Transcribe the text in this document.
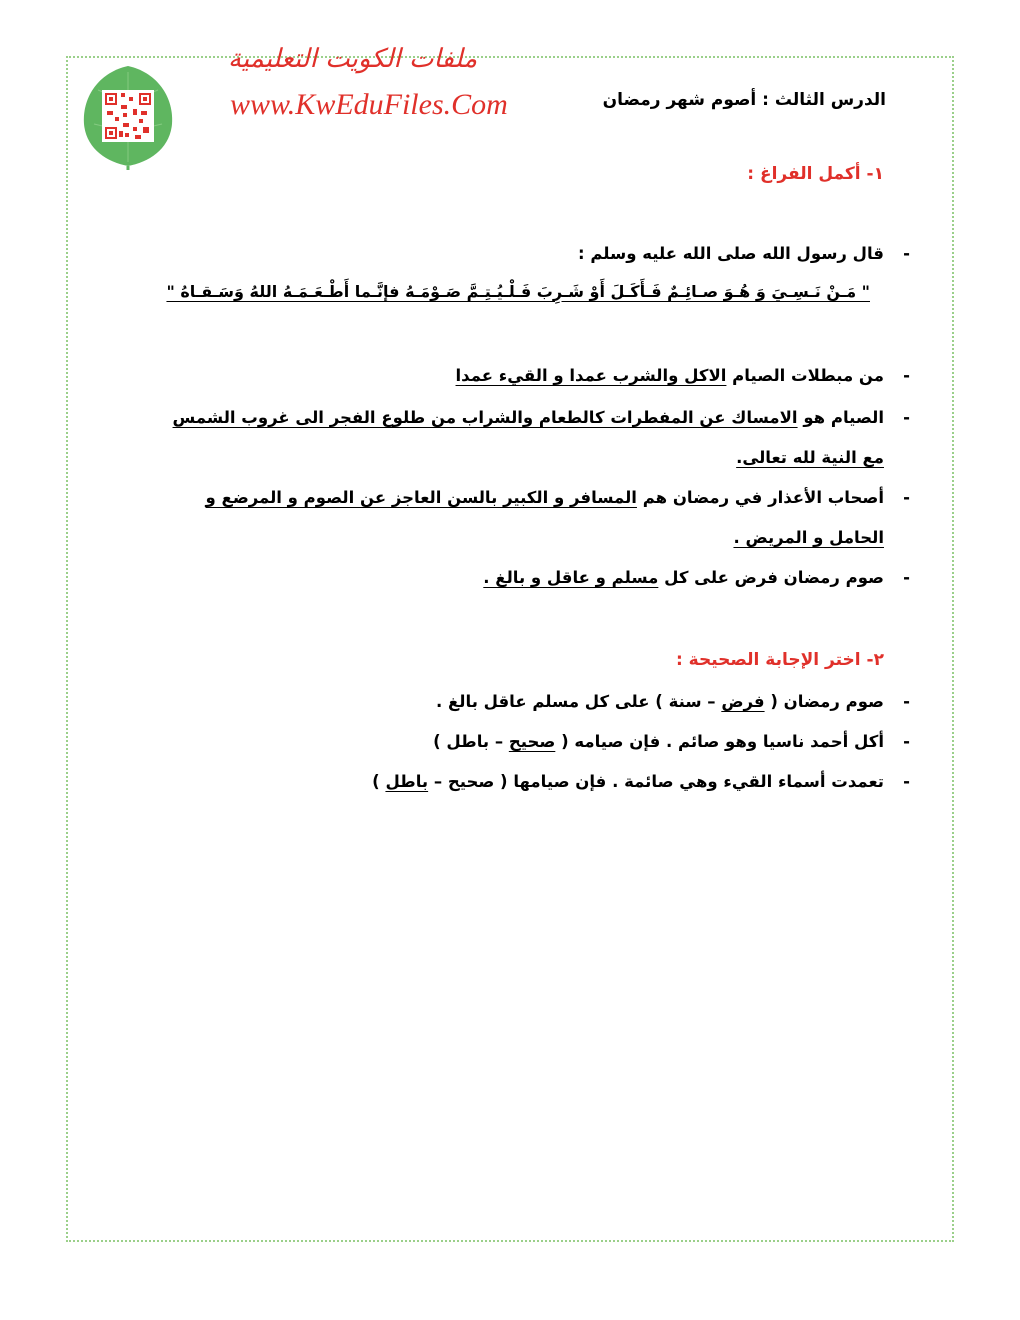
ملفات الكويت التعليمية
www.KwEduFiles.Com	الدرس الثالث : أصوم شهر رمضان
١- أكمل الفراغ :
-
قال رسول الله صلى الله عليه وسلم :
" مَـنْ نَـسِـيَ وَ هُـوَ صـائِـمٌ فَـأَكَـلَ أَوْ شَـرِبَ فَـلْـيُـتِـمَّ صَـوْمَـهُ فإنَّـما أَطْـعَـمَـهُ اللهُ وَسَـقـاهُ "
-
من مبطلات الصيام الاكل والشرب عمدا و القيء عمدا
-
الصيام هو الامساك عن المفطرات كالطعام والشراب من طلوع الفجر الى غروب الشمس مع النية لله تعالى.
-
أصحاب الأعذار في رمضان هم المسافر و الكبير بالسن العاجز عن الصوم و المرضع و الحامل و المريض .
-
صوم رمضان فرض على كل مسلم و عاقل و بالغ .
٢- اختر الإجابة الصحيحة :
-
صوم رمضان ( فرض – سنة ) على كل مسلم عاقل بالغ .
-
أكل أحمد ناسيا وهو صائم . فإن صيامه ( صحيح – باطل )
-
تعمدت أسماء القيء وهي صائمة . فإن صيامها ( صحيح – باطل )
